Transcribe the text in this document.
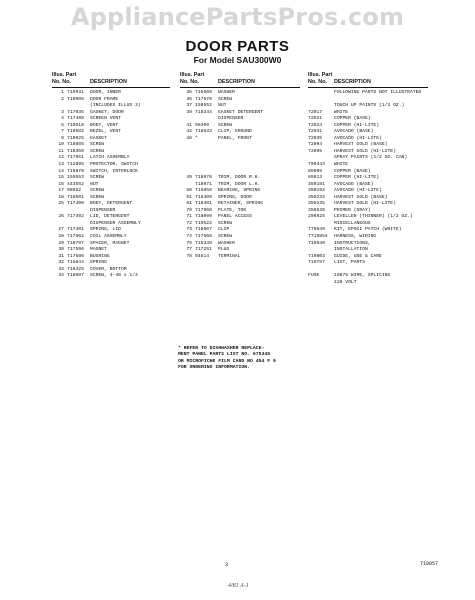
AppliancePartsPros.com
DOOR PARTS
For Model SAU300W0
Illus. Part
No. No.	DESCRIPTION
1 719931 DOOR, INNER
2 719005 DOOR FRAME
(INCLUDES ILLUS 3)
3 717935 GASKET, DOOR
4 717498 SCREEN VENT
5 719518 BODY, VENT
7 719582 BEZEL, VENT
8 719025 GASKET
10 718865 SCREW
11 718350 SCREW
12 717851 LATCH ASSEMBLY
13 712895 PROTECTOR, SWITCH
14 719870 SWITCH, INTERLOCK
15 159553 SCREW
16 443552 NUT
17 98852 SCREW
18 718591 SCREW
25 717490 BODY, DETERGENT
DISPENSER
26 717492 LID, DETERGENT
DISPENSER ASSEMBLY
27 717491 SPRING, LID
28 717662 COIL ASSEMBLY
29 718797 SPACER, MAGNET
30 717596 MAGNET
31 717686 BUSHING
32 715844 SPRING
33 716425 COVER, BOTTOM
34 718687 SCREW, 4-40 x 1/4
Illus. Part
No. No.	DESCRIPTION
35 715509 WASHER
36 717570 SCREW
37 158552 NUT
39 718344 GASKET DETERGENT
DISPENSER
41 98309 SCREW
42 718533 CLIP, GROUND
48 *	PANEL, FRONT
49 718970 TRIM, DOOR R.H.
718971 TRIM, DOOR L.H.
50 715859 BEARING, SPRING
51 718400 SPRING, DOOR
61 718401 RETAINER, SPRING
70 717968 PLATE, TOE
71 718099 PANEL ACCESS
72 719522 SCREW
73 718607 CLIP
74 717566 SCREW
75 715338 WASHER
77 717251 PLUG
78 94614 TERMINAL
Illus. Part
No. No. DESCRIPTION
FOLLOWING PARTS NOT ILLUSTRATED
TOUCH UP PAINTS (1/2 OZ.)
72017	WHITE
72021	COPPER (BASE)
72024	COPPER (HI-LITE)
72031	AVOCADO (BASE)
72035	AVOCADO (HI-LITE)
72094	HARVEST GOLD (BASE)
72095	HARVEST GOLD (HI-LITE)
SPRAY PAINTS (1/2 OZ. CAN)
799343 WHITE
89905	COPPER (BASE)
89913	COPPER (HI-LITE)
350191 AVOCADO (BASE)
350192 AVOCADO (HI-LITE)
350234 HARVEST GOLD (BASE)
350235 HARVEST GOLD (HI-LITE)
350538 PRIMER (GRAY)
206925 LEVELLER (THINNER) (1/2 OZ.)
MISCELLANEOUS
779640 KIT, EPOXI PATCH (WHITE)
7719854 HARNESS, WIRING
719940 INSTRUCTIONS,
INSTALLATION
719803 GUIDE, USE & CARE
719757 LIST, PARTS
FUSE	10875 WIRE, SPLICING
120 VOLT
* REFER TO DISHWASHER REPLACE-
MENT PANEL PARTS LIST NO. 675345
OR MICROFICHE FILM CARD NO 454 F 9
FOR ORDERING INFORMATION.
3	719057
4/81 A-1
